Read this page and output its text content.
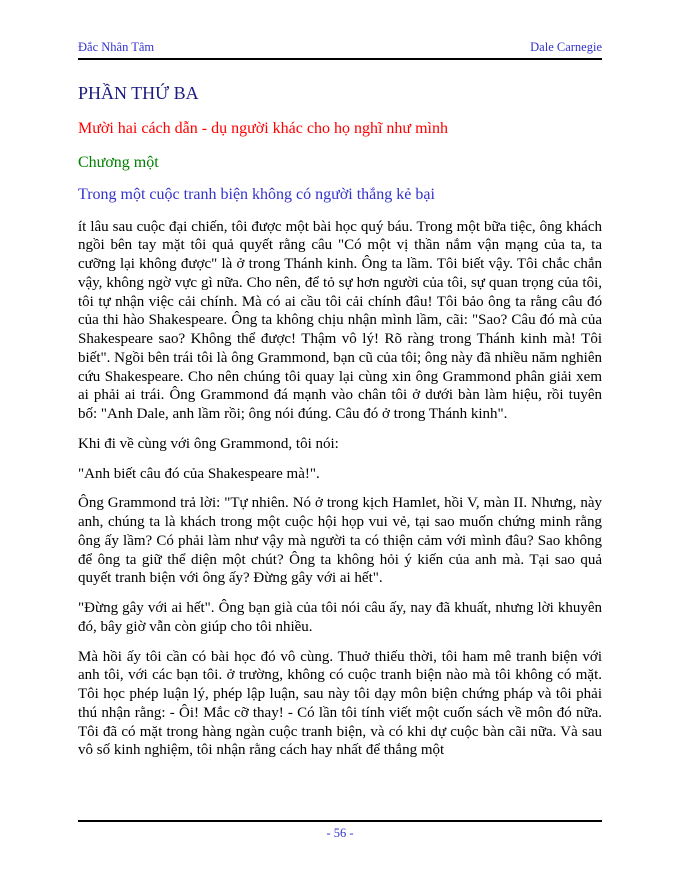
Đắc Nhân Tâm	Dale Carnegie
PHẦN THỨ BA
Mười hai cách dẫn - dụ người khác cho họ nghĩ như mình
Chương một
Trong một cuộc tranh biện không có người thắng kẻ bại

ít lâu sau cuộc đại chiến, tôi được một bài học quý báu. Trong một bữa tiệc, ông khách ngồi bên tay mặt tôi quả quyết rằng câu "Có một vị thần nắm vận mạng của ta, ta cưỡng lại không được" là ở trong Thánh kinh. Ông ta lầm. Tôi biết vậy. Tôi chắc chắn vậy, không ngờ vực gì nữa. Cho nên, để tỏ sự hơn người của tôi, sự quan trọng của tôi, tôi tự nhận việc cải chính. Mà có ai cầu tôi cải chính đâu! Tôi bảo ông ta rằng câu đó của thi hào Shakespeare. Ông ta không chịu nhận mình lầm, cãi: "Sao? Câu đó mà của Shakespeare sao? Không thể được! Thậm vô lý! Rõ ràng trong Thánh kinh mà! Tôi biết". Ngồi bên trái tôi là ông Grammond, bạn cũ của tôi; ông này đã nhiều năm nghiên cứu Shakespeare. Cho nên chúng tôi quay lại cùng xin ông Grammond phân giải xem ai phải ai trái. Ông Grammond đá mạnh vào chân tôi ở dưới bàn làm hiệu, rồi tuyên bố: "Anh Dale, anh lầm rồi; ông nói đúng. Câu đó ở trong Thánh kinh".

Khi đi về cùng với ông Grammond, tôi nói:

"Anh biết câu đó của Shakespeare mà!".

Ông Grammond trả lời: "Tự nhiên. Nó ở trong kịch Hamlet, hồi V, màn II. Nhưng, này anh, chúng ta là khách trong một cuộc hội họp vui vẻ, tại sao muốn chứng minh rằng ông ấy lầm? Có phải làm như vậy mà người ta có thiện cảm với mình đâu? Sao không để ông ta giữ thể diện một chút? Ông ta không hỏi ý kiến của anh mà. Tại sao quả quyết tranh biện với ông ấy? Đừng gây với ai hết".

"Đừng gây với ai hết". Ông bạn già của tôi nói câu ấy, nay đã khuất, nhưng lời khuyên đó, bây giờ vẫn còn giúp cho tôi nhiều.

Mà hồi ấy tôi cần có bài học đó vô cùng. Thuở thiếu thời, tôi ham mê tranh biện với anh tôi, với các bạn tôi. ở trường, không có cuộc tranh biện nào mà tôi không có mặt. Tôi học phép luận lý, phép lập luận, sau này tôi dạy môn biện chứng pháp và tôi phải thú nhận rằng: - Ôi! Mắc cỡ thay! - Có lần tôi tính viết một cuốn sách về môn đó nữa. Tôi đã có mặt trong hàng ngàn cuộc tranh biện, và có khi dự cuộc bàn cãi nữa. Và sau vô số kinh nghiệm, tôi nhận rằng cách hay nhất để thắng một

- 56 -
